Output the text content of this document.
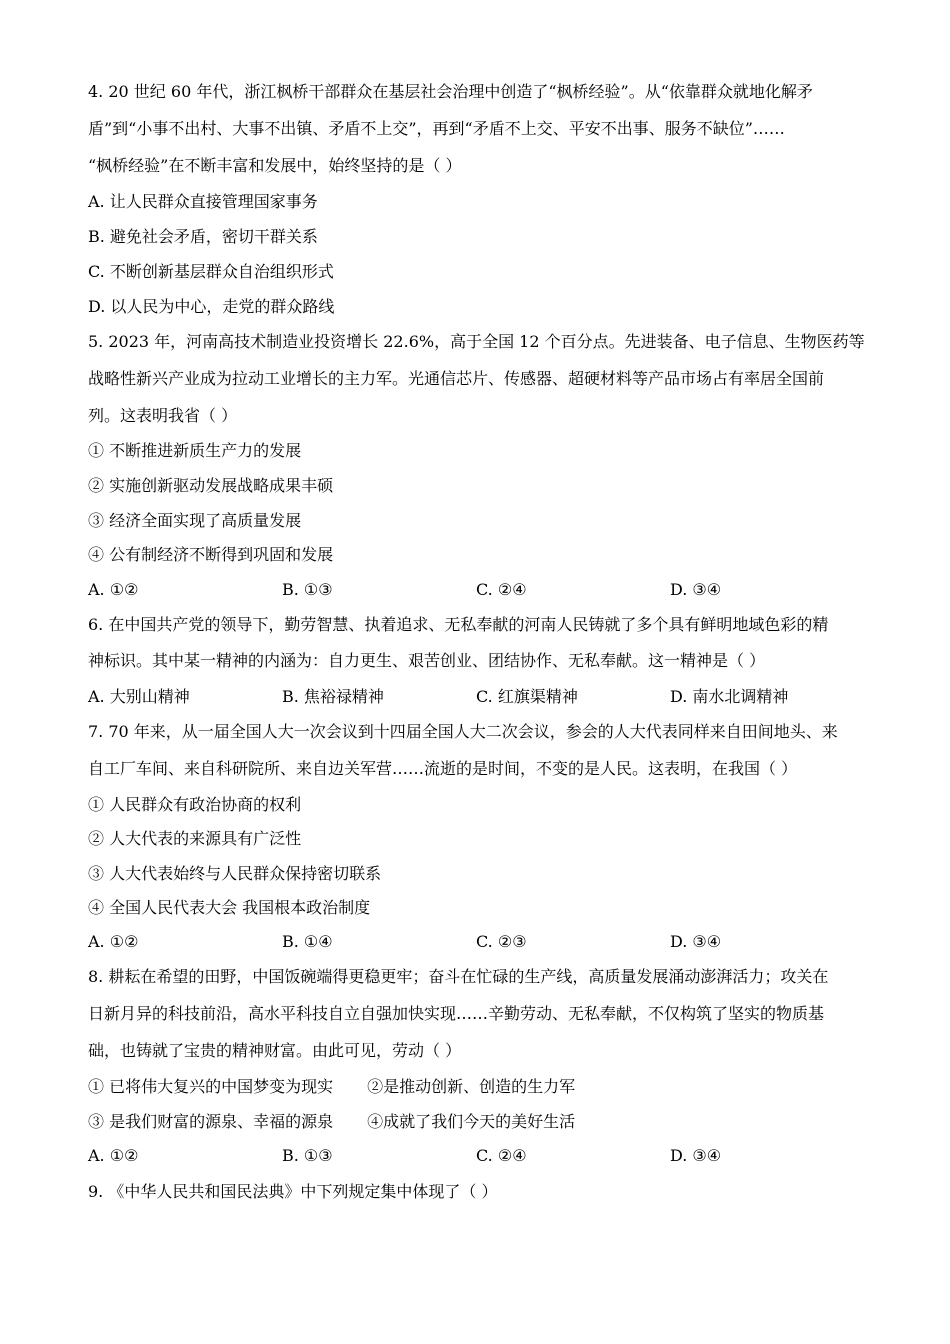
4. 20 世纪 60 年代，浙江枫桥干部群众在基层社会治理中创造了“枫桥经验”。从“依靠群众就地化解矛
盾”到“小事不出村、大事不出镇、矛盾不上交”，再到“矛盾不上交、平安不出事、服务不缺位”……
“枫桥经验”在不断丰富和发展中，始终坚持的是（ ）
A. 让人民群众直接管理国家事务
B. 避免社会矛盾，密切干群关系
C. 不断创新基层群众自治组织形式
D. 以人民为中心，走党的群众路线
5. 2023 年，河南高技术制造业投资增长 22.6%，高于全国 12 个百分点。先进装备、电子信息、生物医药等
战略性新兴产业成为拉动工业增长的主力军。光通信芯片、传感器、超硬材料等产品市场占有率居全国前
列。这表明我省（ ）
① 不断推进新质生产力的发展
② 实施创新驱动发展战略成果丰硕
③ 经济全面实现了高质量发展
④ 公有制经济不断得到巩固和发展
A. ①②	B. ①③	C. ②④	D. ③④
6. 在中国共产党的领导下，勤劳智慧、执着追求、无私奉献的河南人民铸就了多个具有鲜明地域色彩的精
神标识。其中某一精神的内涵为：自力更生、艰苦创业、团结协作、无私奉献。这一精神是（ ）
A. 大别山精神	B. 焦裕禄精神	C. 红旗渠精神	D. 南水北调精神
7. 70 年来，从一届全国人大一次会议到十四届全国人大二次会议，参会的人大代表同样来自田间地头、来
自工厂车间、来自科研院所、来自边关军营……流逝的是时间，不变的是人民。这表明，在我国（ ）
① 人民群众有政治协商的权利
② 人大代表的来源具有广泛性
③ 人大代表始终与人民群众保持密切联系
④ 全国人民代表大会 我国根本政治制度
A. ①②	B. ①④	C. ②③	D. ③④
8. 耕耘在希望的田野，中国饭碗端得更稳更牢；奋斗在忙碌的生产线，高质量发展涌动澎湃活力；攻关在
日新月异的科技前沿，高水平科技自立自强加快实现……辛勤劳动、无私奉献，不仅构筑了坚实的物质基
础，也铸就了宝贵的精神财富。由此可见，劳动（ ）
① 已将伟大复兴的中国梦变为现实 ②是推动创新、创造的生力军
③ 是我们财富的源泉、幸福的源泉 ④成就了我们今天的美好生活
A. ①②	B. ①③	C. ②④	D. ③④
9. 《中华人民共和国民法典》中下列规定集中体现了（ ）
